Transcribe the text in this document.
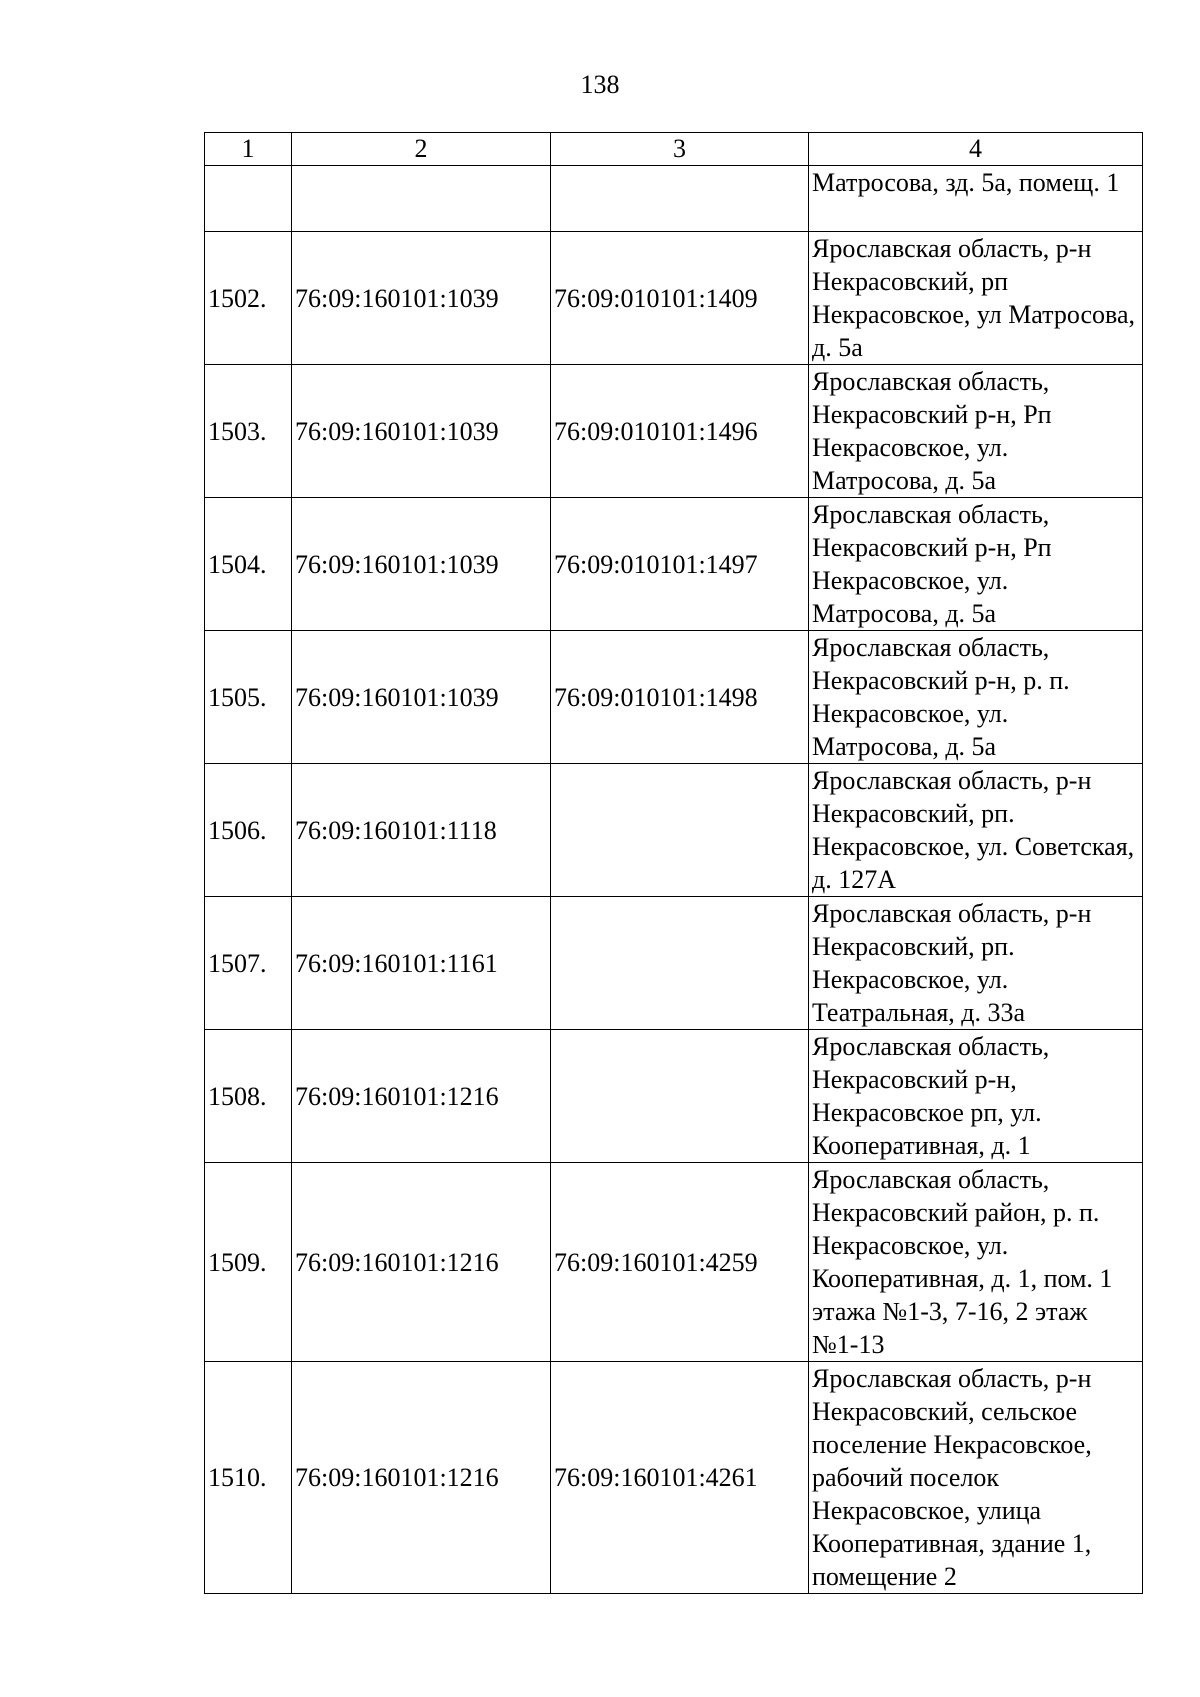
138
1	2	3	4
			Матросова, зд. 5а, помещ. 1
1502.	76:09:160101:1039	76:09:010101:1409	Ярославская область, р-н Некрасовский, рп Некрасовское, ул Матросова, д. 5а
1503.	76:09:160101:1039	76:09:010101:1496	Ярославская область, Некрасовский р-н, Рп Некрасовское, ул. Матросова, д. 5а
1504.	76:09:160101:1039	76:09:010101:1497	Ярославская область, Некрасовский р-н, Рп Некрасовское, ул. Матросова, д. 5а
1505.	76:09:160101:1039	76:09:010101:1498	Ярославская область, Некрасовский р-н, р. п. Некрасовское, ул. Матросова, д. 5а
1506.	76:09:160101:1118		Ярославская область, р-н Некрасовский, рп. Некрасовское, ул. Советская, д. 127А
1507.	76:09:160101:1161		Ярославская область, р-н Некрасовский, рп. Некрасовское, ул. Театральная, д. 33а
1508.	76:09:160101:1216		Ярославская область, Некрасовский р-н, Некрасовское рп, ул. Кооперативная, д. 1
1509.	76:09:160101:1216	76:09:160101:4259	Ярославская область, Некрасовский район, р. п. Некрасовское, ул. Кооперативная, д. 1, пом. 1 этажа №1-3, 7-16, 2 этаж №1-13
1510.	76:09:160101:1216	76:09:160101:4261	Ярославская область, р-н Некрасовский, сельское поселение Некрасовское, рабочий поселок Некрасовское, улица Кооперативная, здание 1, помещение 2
